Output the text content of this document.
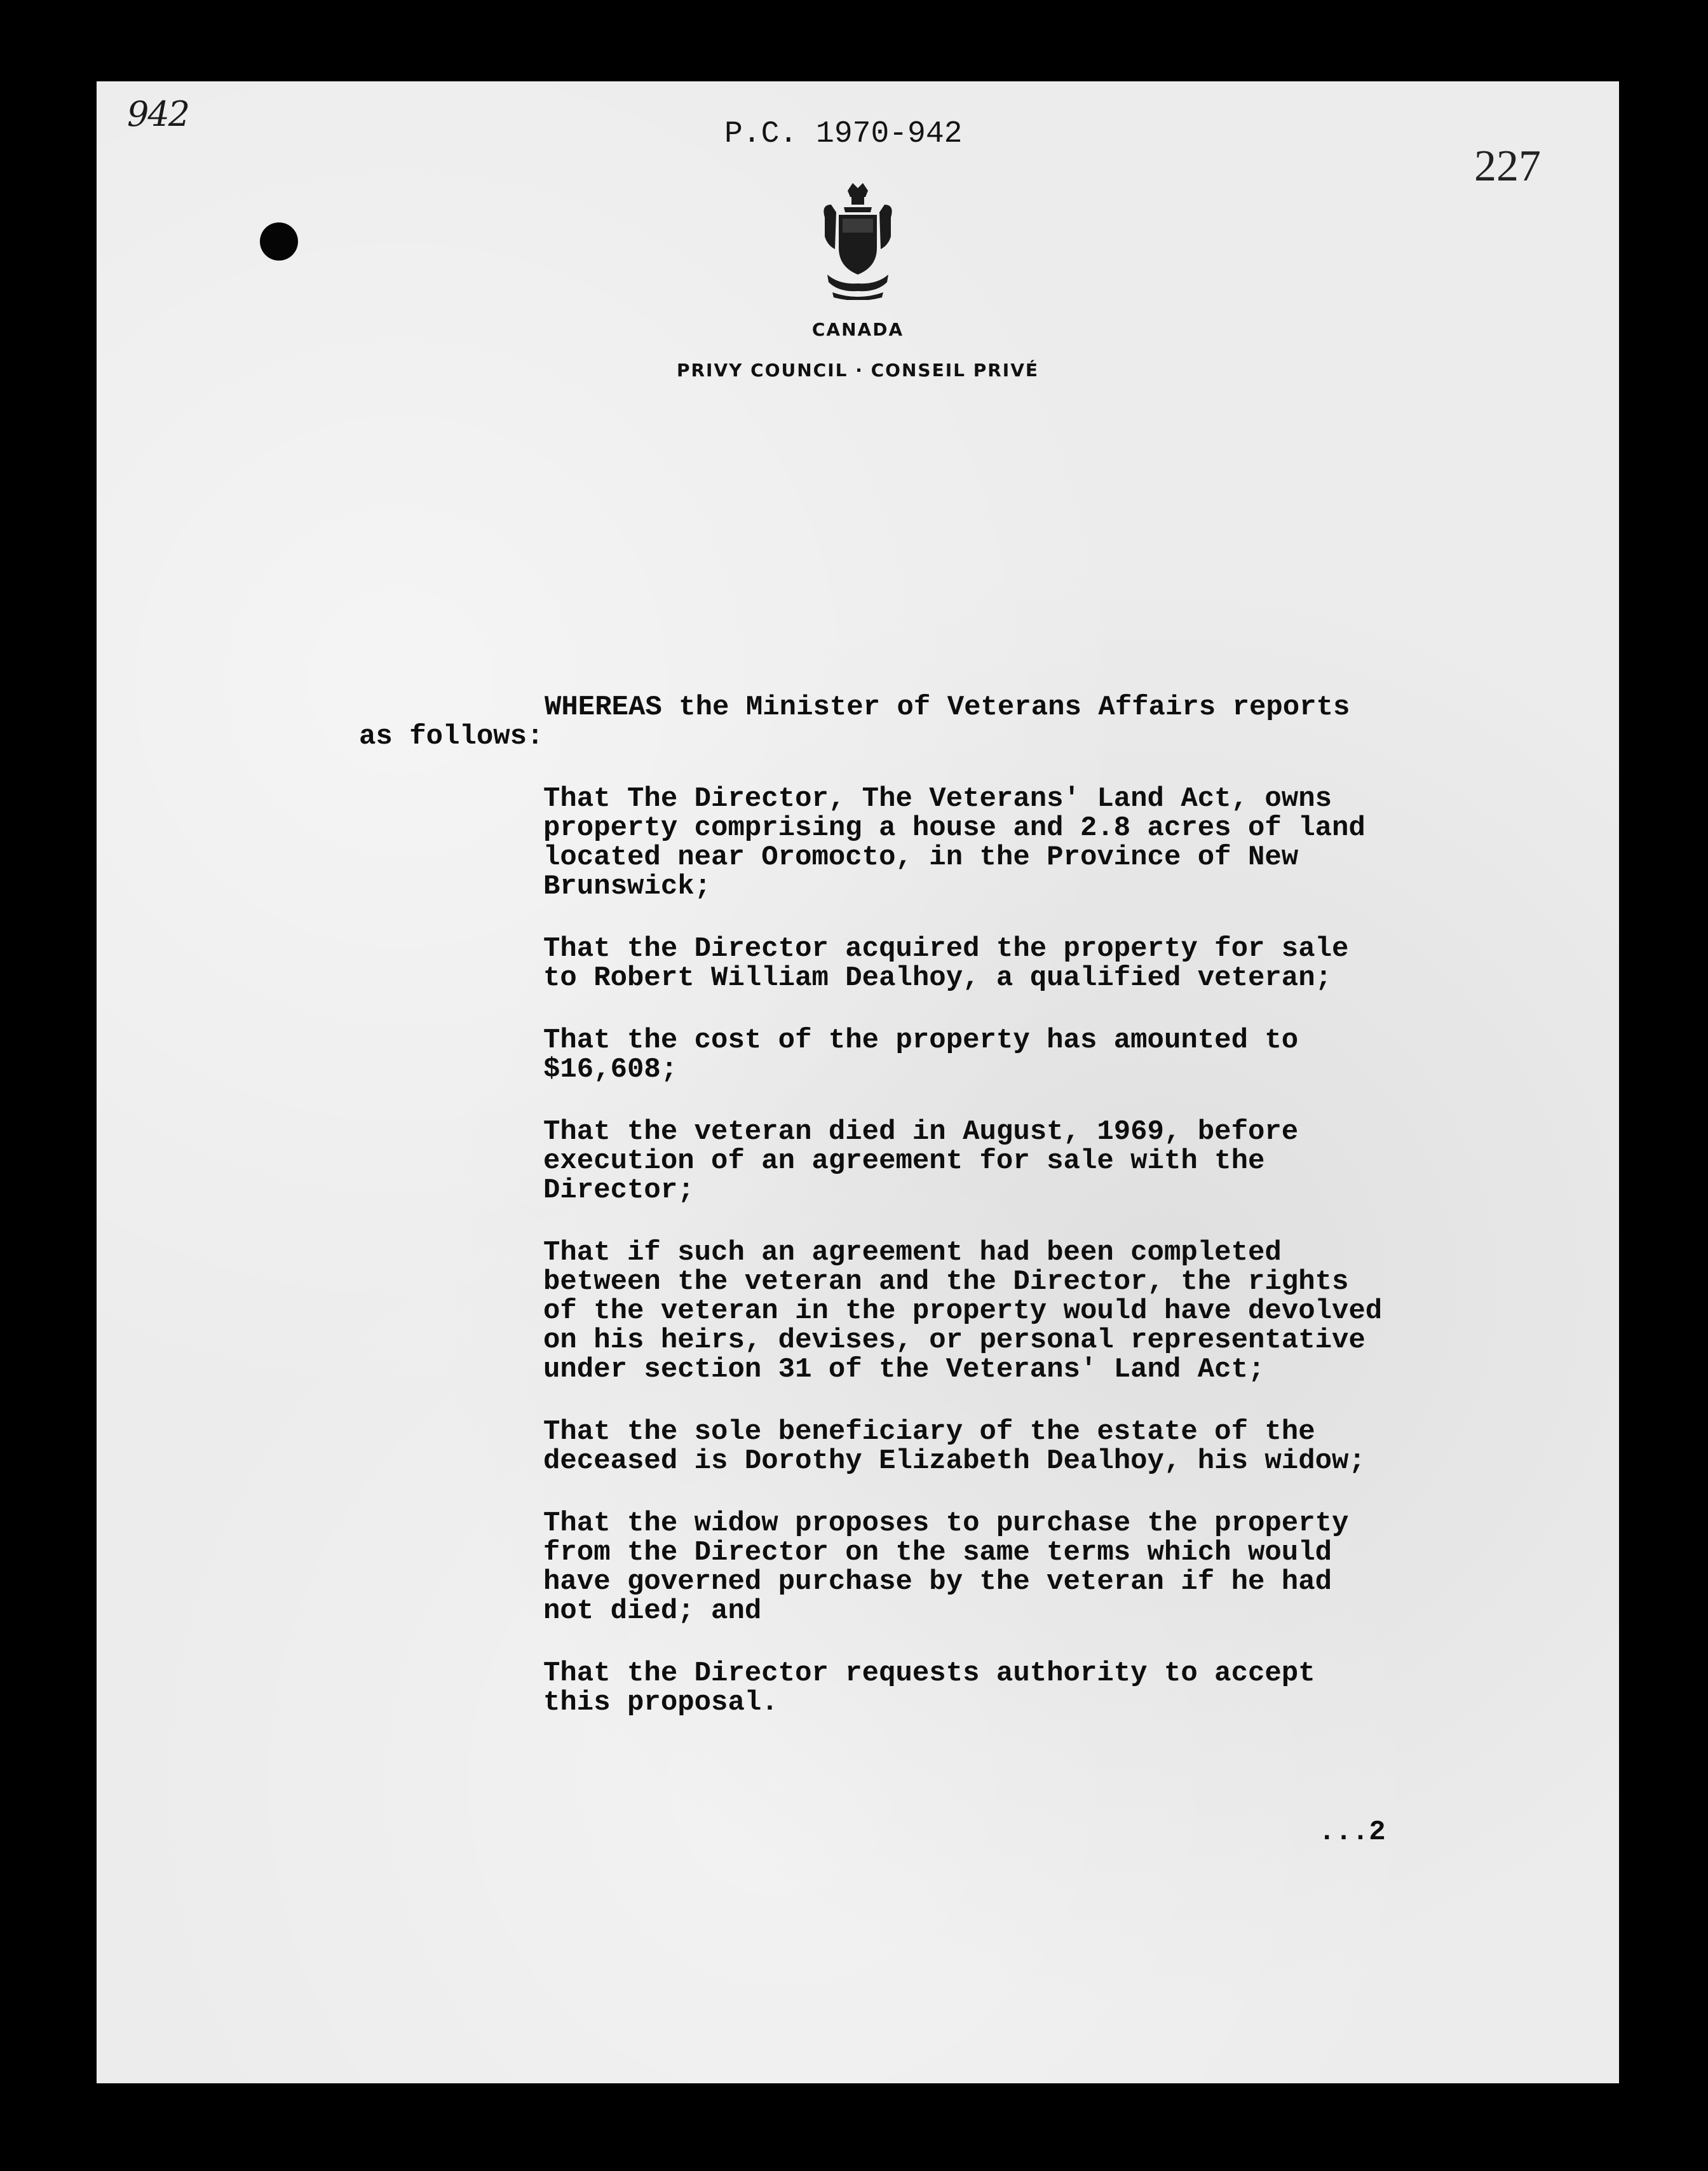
942	P.C. 1970-942
227
CANADA
PRIVY COUNCIL · CONSEIL PRIVÉ
WHEREAS the Minister of Veterans Affairs reports
as follows:
That The Director, The Veterans' Land Act, owns
property comprising a house and 2.8 acres of land
located near Oromocto, in the Province of New
Brunswick;
That the Director acquired the property for sale
to Robert William Dealhoy, a qualified veteran;
That the cost of the property has amounted to
$16,608;
That the veteran died in August, 1969, before
execution of an agreement for sale with the
Director;
That if such an agreement had been completed
between the veteran and the Director, the rights
of the veteran in the property would have devolved
on his heirs, devises, or personal representative
under section 31 of the Veterans' Land Act;
That the sole beneficiary of the estate of the
deceased is Dorothy Elizabeth Dealhoy, his widow;
That the widow proposes to purchase the property
from the Director on the same terms which would
have governed purchase by the veteran if he had
not died; and
That the Director requests authority to accept
this proposal.
...2
